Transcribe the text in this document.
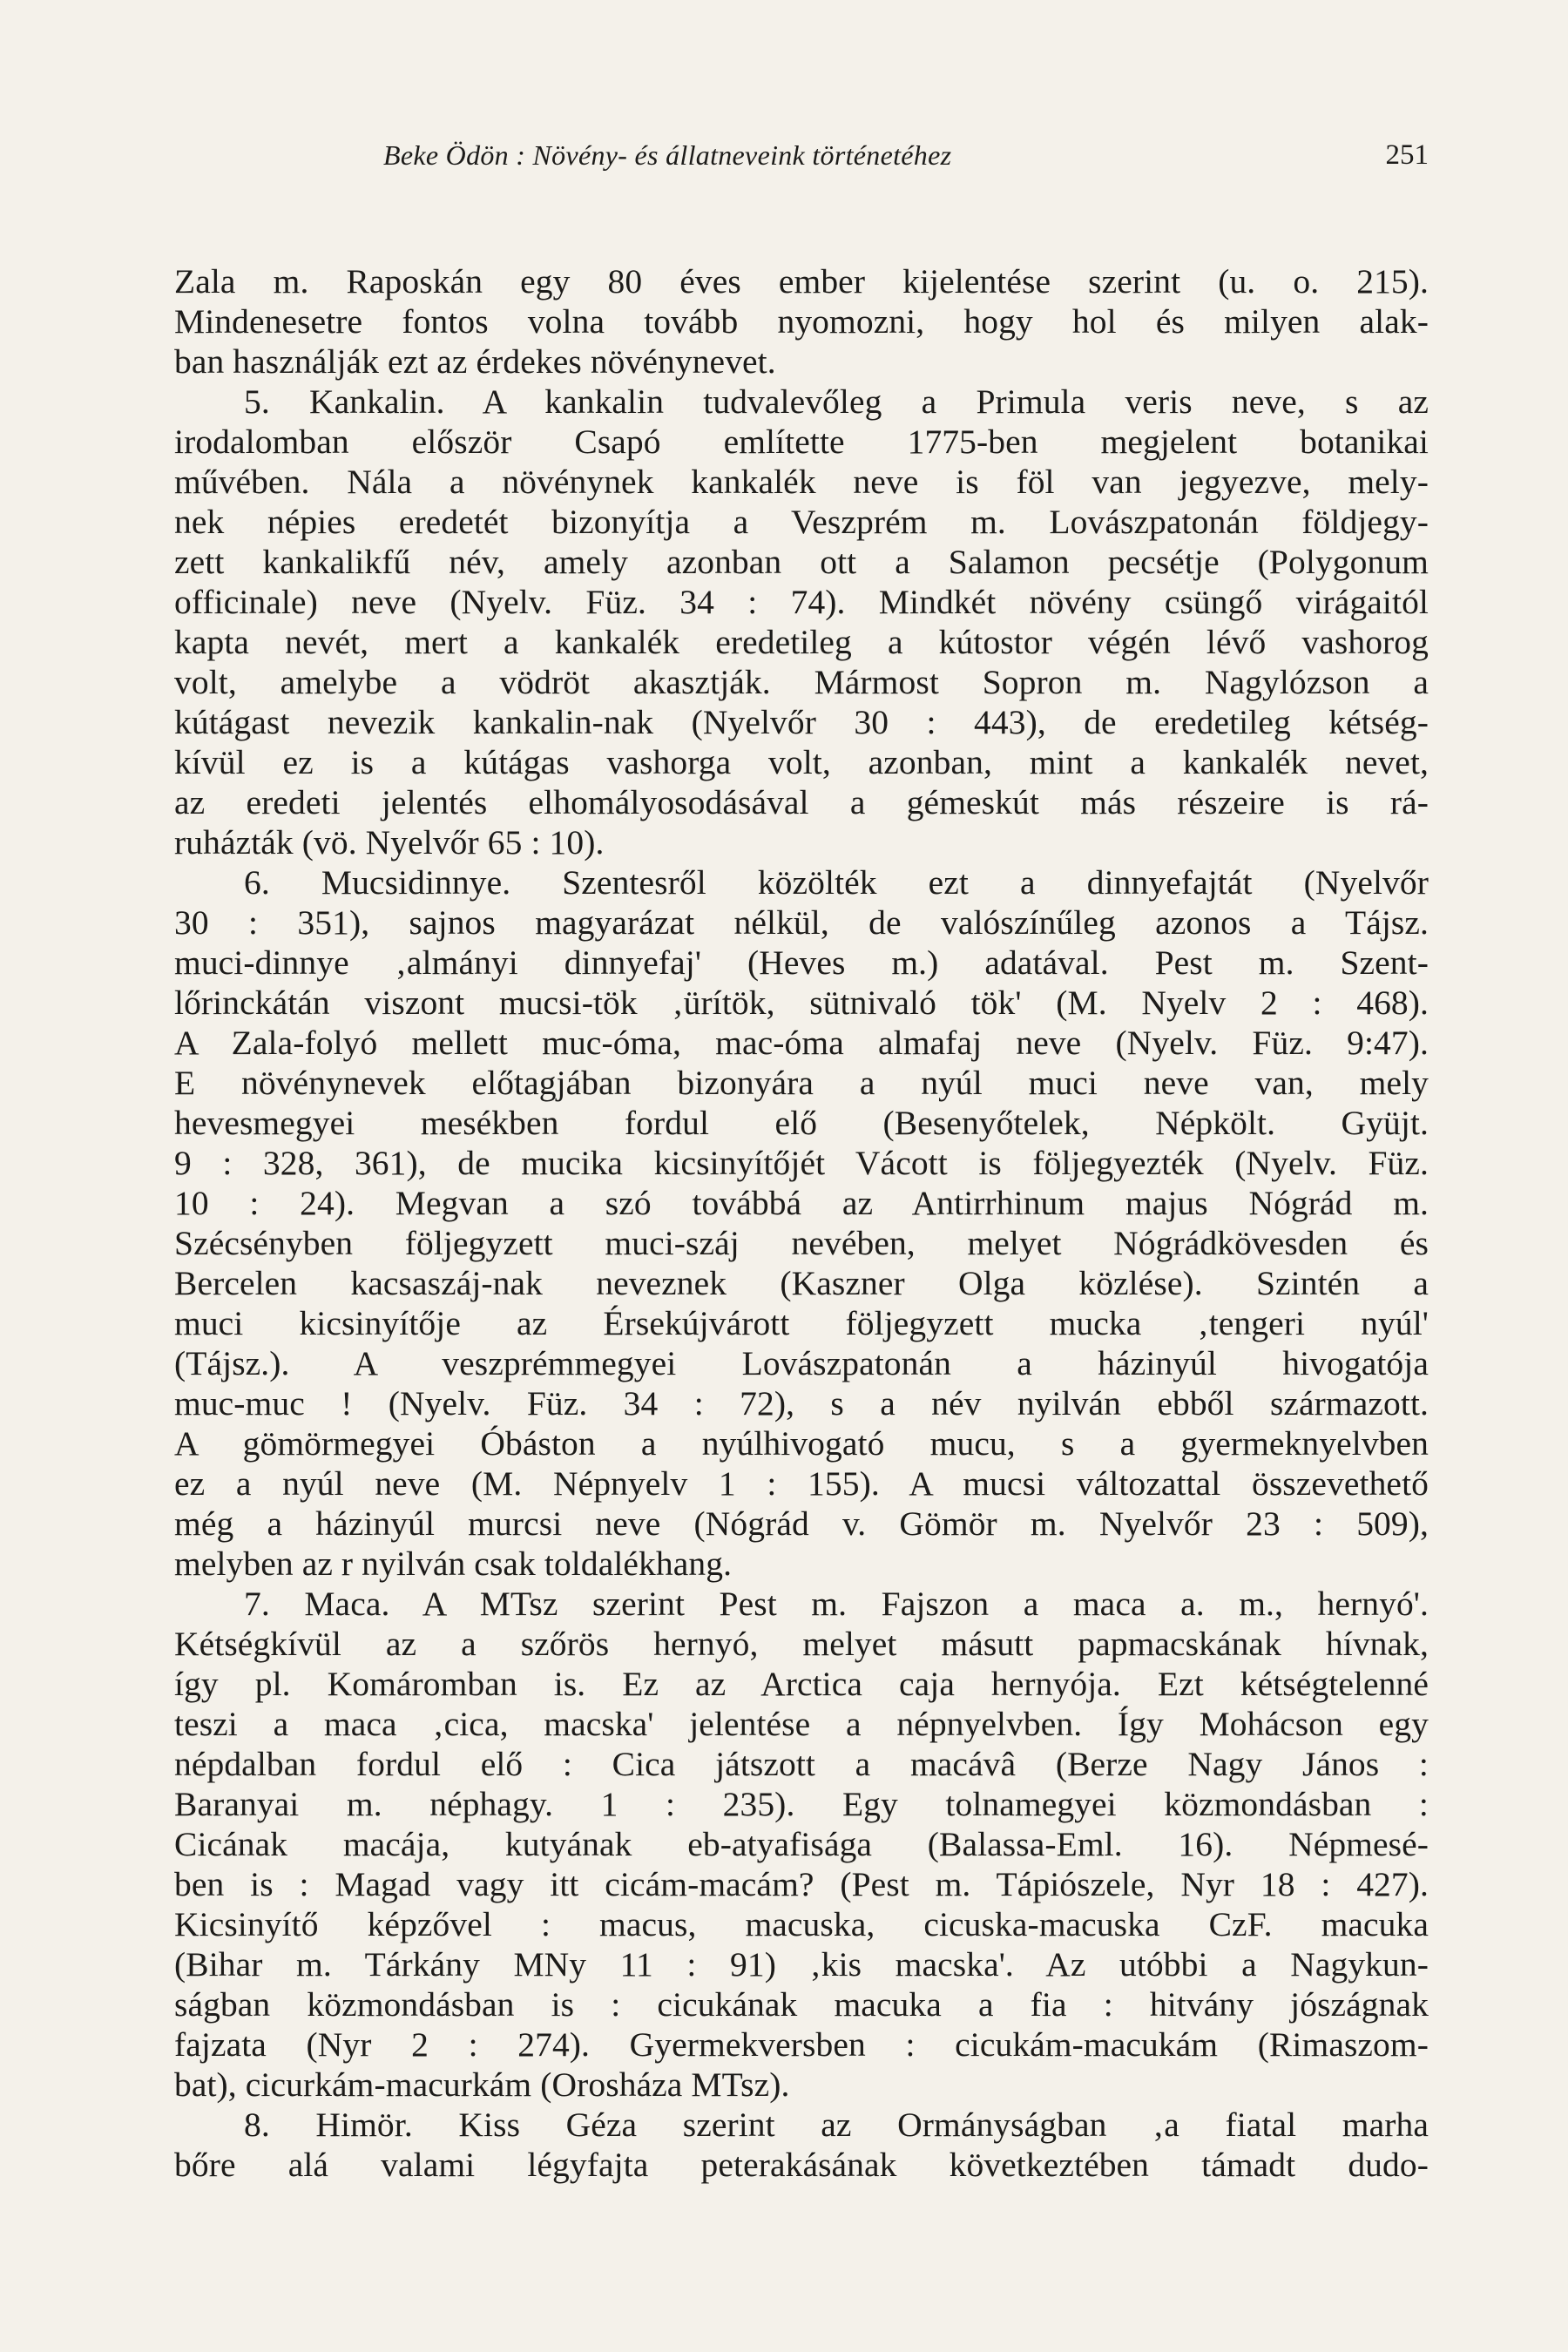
Beke Ödön : Növény- és állatneveink történetéhez	251
Zala m. Raposkán egy 80 éves ember kijelentése szerint (u. o. 215).
Mindenesetre fontos volna tovább nyomozni, hogy hol és milyen alak-
ban használják ezt az érdekes növénynevet.
5. Kankalin. A kankalin tudvalevőleg a Primula veris neve, s az
irodalomban először Csapó említette 1775-ben megjelent botanikai
művében. Nála a növénynek kankalék neve is föl van jegyezve, mely-
nek népies eredetét bizonyítja a Veszprém m. Lovászpatonán földjegy-
zett kankalikfű név, amely azonban ott a Salamon pecsétje (Polygonum
officinale) neve (Nyelv. Füz. 34 : 74). Mindkét növény csüngő virágaitól
kapta nevét, mert a kankalék eredetileg a kútostor végén lévő vashorog
volt, amelybe a vödröt akasztják. Mármost Sopron m. Nagylózson a
kútágast nevezik kankalin-nak (Nyelvőr 30 : 443), de eredetileg kétség-
kívül ez is a kútágas vashorga volt, azonban, mint a kankalék nevet,
az eredeti jelentés elhomályosodásával a gémeskút más részeire is rá-
ruházták (vö. Nyelvőr 65 : 10).
6. Mucsidinnye. Szentesről közölték ezt a dinnyefajtát (Nyelvőr
30 : 351), sajnos magyarázat nélkül, de valószínűleg azonos a Tájsz.
muci-dinnye ‚almányi dinnyefaj' (Heves m.) adatával. Pest m. Szent-
lőrinckátán viszont mucsi-tök ‚ürítök, sütnivaló tök' (M. Nyelv 2 : 468).
A Zala-folyó mellett muc-óma, mac-óma almafaj neve (Nyelv. Füz. 9:47).
E növénynevek előtagjában bizonyára a nyúl muci neve van, mely
hevesmegyei mesékben fordul elő (Besenyőtelek, Népkölt. Gyüjt.
9 : 328, 361), de mucika kicsinyítőjét Vácott is följegyezték (Nyelv. Füz.
10 : 24). Megvan a szó továbbá az Antirrhinum majus Nógrád m.
Szécsényben följegyzett muci-száj nevében, melyet Nógrádkövesden és
Bercelen kacsaszáj-nak neveznek (Kaszner Olga közlése). Szintén a
muci kicsinyítője az Érsekújvárott följegyzett mucka ‚tengeri nyúl'
(Tájsz.). A veszprémmegyei Lovászpatonán a házinyúl hivogatója
muc-muc ! (Nyelv. Füz. 34 : 72), s a név nyilván ebből származott.
A gömörmegyei Óbáston a nyúlhivogató mucu, s a gyermeknyelvben
ez a nyúl neve (M. Népnyelv 1 : 155). A mucsi változattal összevethető
még a házinyúl murcsi neve (Nógrád v. Gömör m. Nyelvőr 23 : 509),
melyben az r nyilván csak toldalékhang.
7. Maca. A MTsz szerint Pest m. Fajszon a maca a. m., hernyó'.
Kétségkívül az a szőrös hernyó, melyet másutt papmacskának hívnak,
így pl. Komáromban is. Ez az Arctica caja hernyója. Ezt kétségtelenné
teszi a maca ‚cica, macska' jelentése a népnyelvben. Így Mohácson egy
népdalban fordul elő : Cica játszott a macávâ (Berze Nagy János :
Baranyai m. néphagy. 1 : 235). Egy tolnamegyei közmondásban :
Cicának macája, kutyának eb-atyafisága (Balassa-Eml. 16). Népmesé-
ben is : Magad vagy itt cicám-macám? (Pest m. Tápiószele, Nyr 18 : 427).
Kicsinyítő képzővel : macus, macuska, cicuska-macuska CzF. macuka
(Bihar m. Tárkány MNy 11 : 91) ‚kis macska'. Az utóbbi a Nagykun-
ságban közmondásban is : cicukának macuka a fia : hitvány jószágnak
fajzata (Nyr 2 : 274). Gyermekversben : cicukám-macukám (Rimaszom-
bat), cicurkám-macurkám (Orosháza MTsz).
8. Himör. Kiss Géza szerint az Ormányságban ‚a fiatal marha
bőre alá valami légyfajta peterakásának következtében támadt dudo-
